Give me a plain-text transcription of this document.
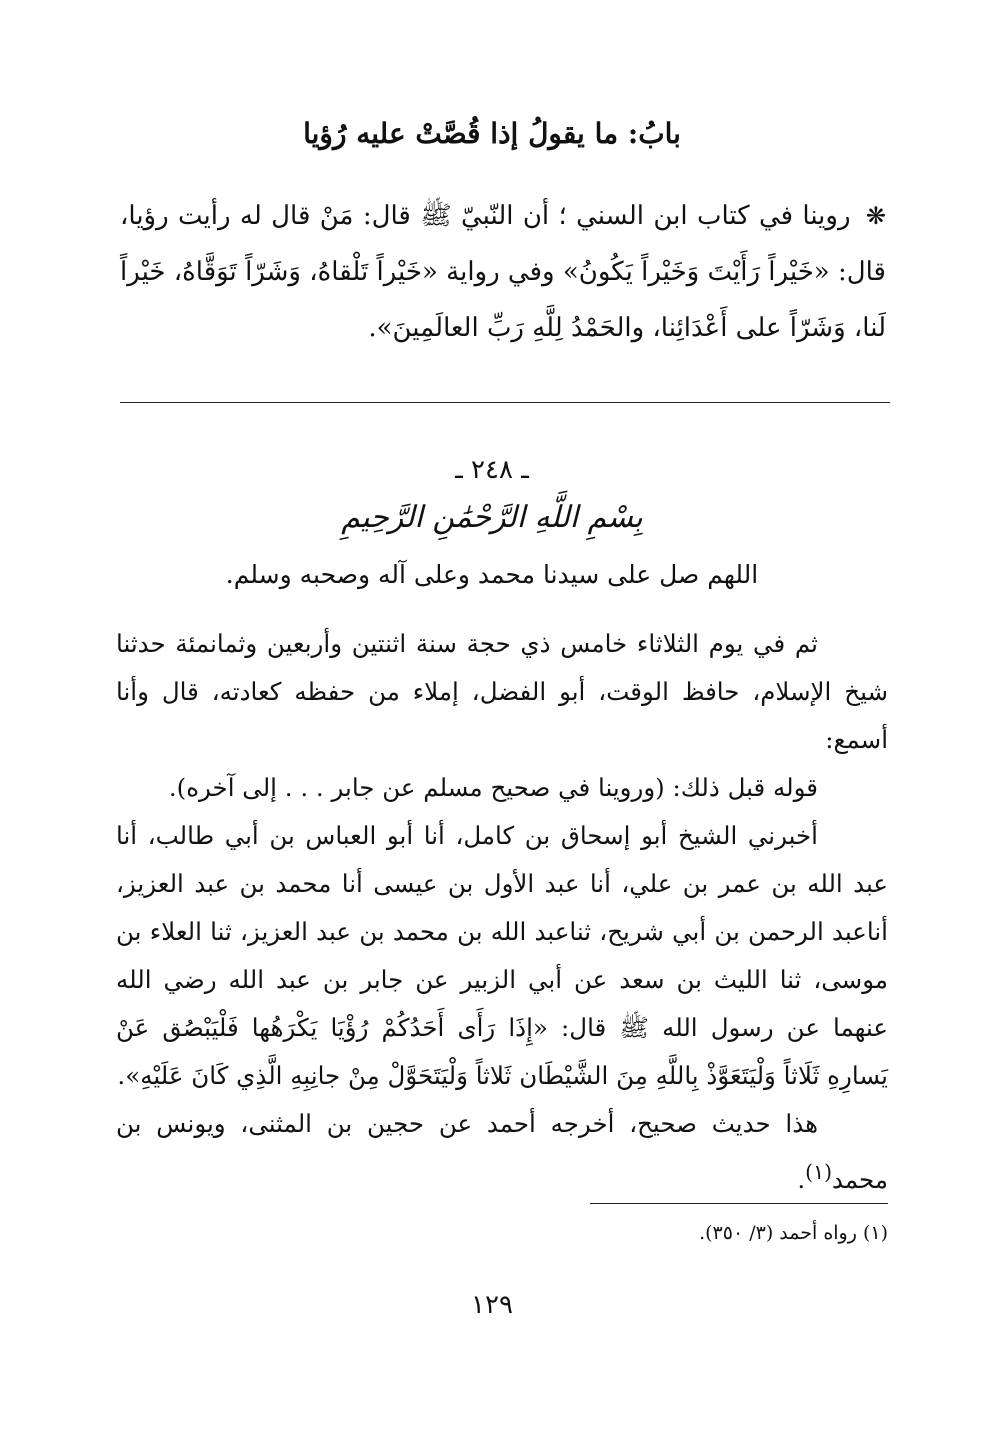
بابُ: ما يقولُ إذا قُصَّتْ عليه رُؤيا
❋ روينا في كتاب ابن السني ؛ أن النّبيّ ﷺ قال: مَنْ قال له رأيت رؤيا، قال: «خَيْراً رَأَيْتَ وَخَيْراً يَكُونُ» وفي رواية «خَيْراً تَلْقاهُ، وَشَرّاً تَوَقَّاهُ، خَيْراً لَنا، وَشَرّاً على أَعْدَائِنا، والحَمْدُ لِلَّهِ رَبِّ العالَمِينَ».
ـ ٢٤٨ ـ
بِسْمِ اللَّهِ الرَّحْمَٰنِ الرَّحِيمِ
اللهم صل على سيدنا محمد وعلى آله وصحبه وسلم.

ثم في يوم الثلاثاء خامس ذي حجة سنة اثنتين وأربعين وثمانمئة حدثنا شيخ الإسلام، حافظ الوقت، أبو الفضل، إملاء من حفظه كعادته، قال وأنا أسمع:

قوله قبل ذلك: (وروينا في صحيح مسلم عن جابر . . . إلى آخره).

أخبرني الشيخ أبو إسحاق بن كامل، أنا أبو العباس بن أبي طالب، أنا عبد الله بن عمر بن علي، أنا عبد الأول بن عيسى أنا محمد بن عبد العزيز، أناعبد الرحمن بن أبي شريح، ثناعبد الله بن محمد بن عبد العزيز، ثنا العلاء بن موسى، ثنا الليث بن سعد عن أبي الزبير عن جابر بن عبد الله رضي الله عنهما عن رسول الله ﷺ قال: «إِذَا رَأَى أَحَدُكُمْ رُؤْيَا يَكْرَهُها فَلْيَبْصُق عَنْ يَسارِهِ ثَلَاثاً وَلْيَتَعَوَّذْ بِاللَّهِ مِنَ الشَّيْطَان ثَلاثاً وَلْيَتَحَوَّلْ مِنْ جانِبِهِ الَّذِي كَانَ عَلَيْهِ».

هذا حديث صحيح، أخرجه أحمد عن حجين بن المثنى، ويونس بن محمد$^{(١)}$.

(١) رواه أحمد (٣/ ٣٥٠).
١٢٩
